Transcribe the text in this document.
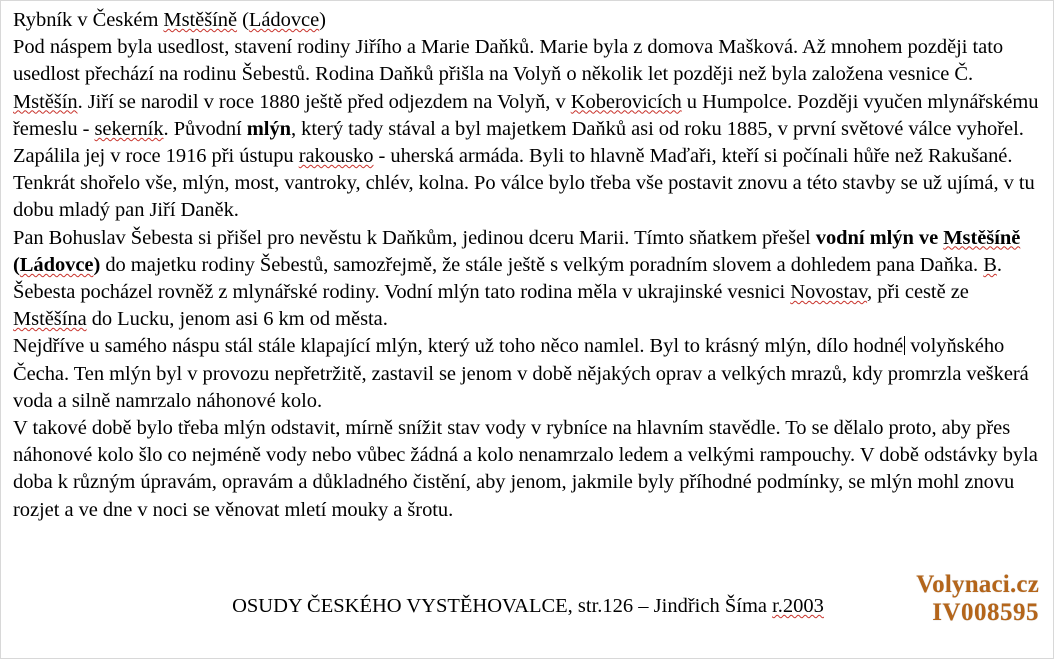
Rybník v Českém Mstěšíně (Ládovce)

Pod náspem byla usedlost, stavení rodiny Jiřího a Marie Daňků. Marie byla z domova Mašková. Až mnohem později tato usedlost přechází na rodinu Šebestů. Rodina Daňků přišla na Volyň o několik let později než byla založena vesnice Č. Mstěšín. Jiří se narodil v roce 1880 ještě před odjezdem na Volyň, v Koberovicích u Humpolce. Později vyučen mlynářskému řemeslu - sekerník. Původní mlýn, který tady stával a byl majetkem Daňků asi od roku 1885, v první světové válce vyhořel. Zapálila jej v roce 1916 při ústupu rakousko - uherská armáda. Byli to hlavně Maďaři, kteří si počínali hůře než Rakušané. Tenkrát shořelo vše, mlýn, most, vantroky, chlév, kolna. Po válce bylo třeba vše postavit znovu a této stavby se už ujímá, v tu dobu mladý pan Jiří Daněk.

Pan Bohuslav Šebesta si přišel pro nevěstu k Daňkům, jedinou dceru Marii. Tímto sňatkem přešel vodní mlýn ve Mstěšíně (Ládovce) do majetku rodiny Šebestů, samozřejmě, že stále ještě s velkým poradním slovem a dohledem pana Daňka. B. Šebesta pocházel rovněž z mlynářské rodiny. Vodní mlýn tato rodina měla v ukrajinské vesnici Novostav, při cestě ze Mstěšína do Lucku, jenom asi 6 km od města.

Nejdříve u samého náspu stál stále klapající mlýn, který už toho něco namlel. Byl to krásný mlýn, dílo hodné volyňského Čecha. Ten mlýn byl v provozu nepřetržitě, zastavil se jenom v době nějakých oprav a velkých mrazů, kdy promrzla veškerá voda a silně namrzalo náhonové kolo.

V takové době bylo třeba mlýn odstavit, mírně snížit stav vody v rybníce na hlavním stavědle. To se dělalo proto, aby přes náhonové kolo šlo co nejméně vody nebo vůbec žádná a kolo nenamrzalo ledem a velkými rampouchy. V době odstávky byla doba k různým úpravám, opravám a důkladného čistění, aby jenom, jakmile byly příhodné podmínky, se mlýn mohl znovu rozjet a ve dne v noci se věnovat mletí mouky a šrotu.

OSUDY ČESKÉHO VYSTĚHOVALCE, str.126 – Jindřich Šíma r.2003
Volynaci.cz
IV008595
